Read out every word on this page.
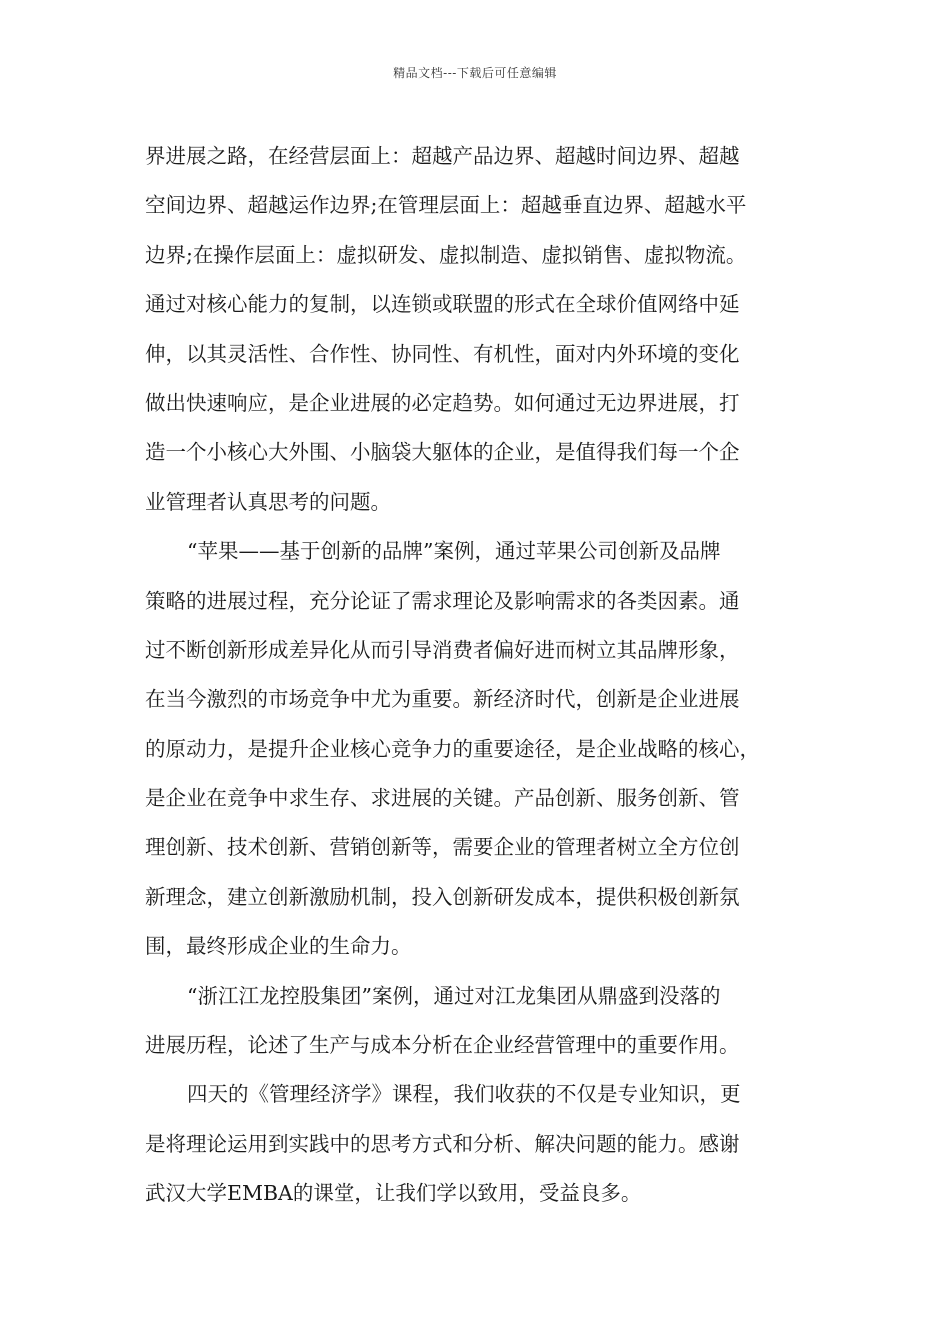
精品文档---下载后可任意编辑
界进展之路，在经营层面上：超越产品边界、超越时间边界、超越
空间边界、超越运作边界;在管理层面上：超越垂直边界、超越水平
边界;在操作层面上：虚拟研发、虚拟制造、虚拟销售、虚拟物流。
通过对核心能力的复制，以连锁或联盟的形式在全球价值网络中延
伸，以其灵活性、合作性、协同性、有机性，面对内外环境的变化
做出快速响应，是企业进展的必定趋势。如何通过无边界进展，打
造一个小核心大外围、小脑袋大躯体的企业，是值得我们每一个企
业管理者认真思考的问题。
“苹果——基于创新的品牌”案例，通过苹果公司创新及品牌
策略的进展过程，充分论证了需求理论及影响需求的各类因素。通
过不断创新形成差异化从而引导消费者偏好进而树立其品牌形象，
在当今激烈的市场竞争中尤为重要。新经济时代，创新是企业进展
的原动力，是提升企业核心竞争力的重要途径，是企业战略的核心，
是企业在竞争中求生存、求进展的关键。产品创新、服务创新、管
理创新、技术创新、营销创新等，需要企业的管理者树立全方位创
新理念，建立创新激励机制，投入创新研发成本，提供积极创新氛
围，最终形成企业的生命力。
“浙江江龙控股集团”案例，通过对江龙集团从鼎盛到没落的
进展历程，论述了生产与成本分析在企业经营管理中的重要作用。
四天的《管理经济学》课程，我们收获的不仅是专业知识，更
是将理论运用到实践中的思考方式和分析、解决问题的能力。感谢
武汉大学EMBA的课堂，让我们学以致用，受益良多。
